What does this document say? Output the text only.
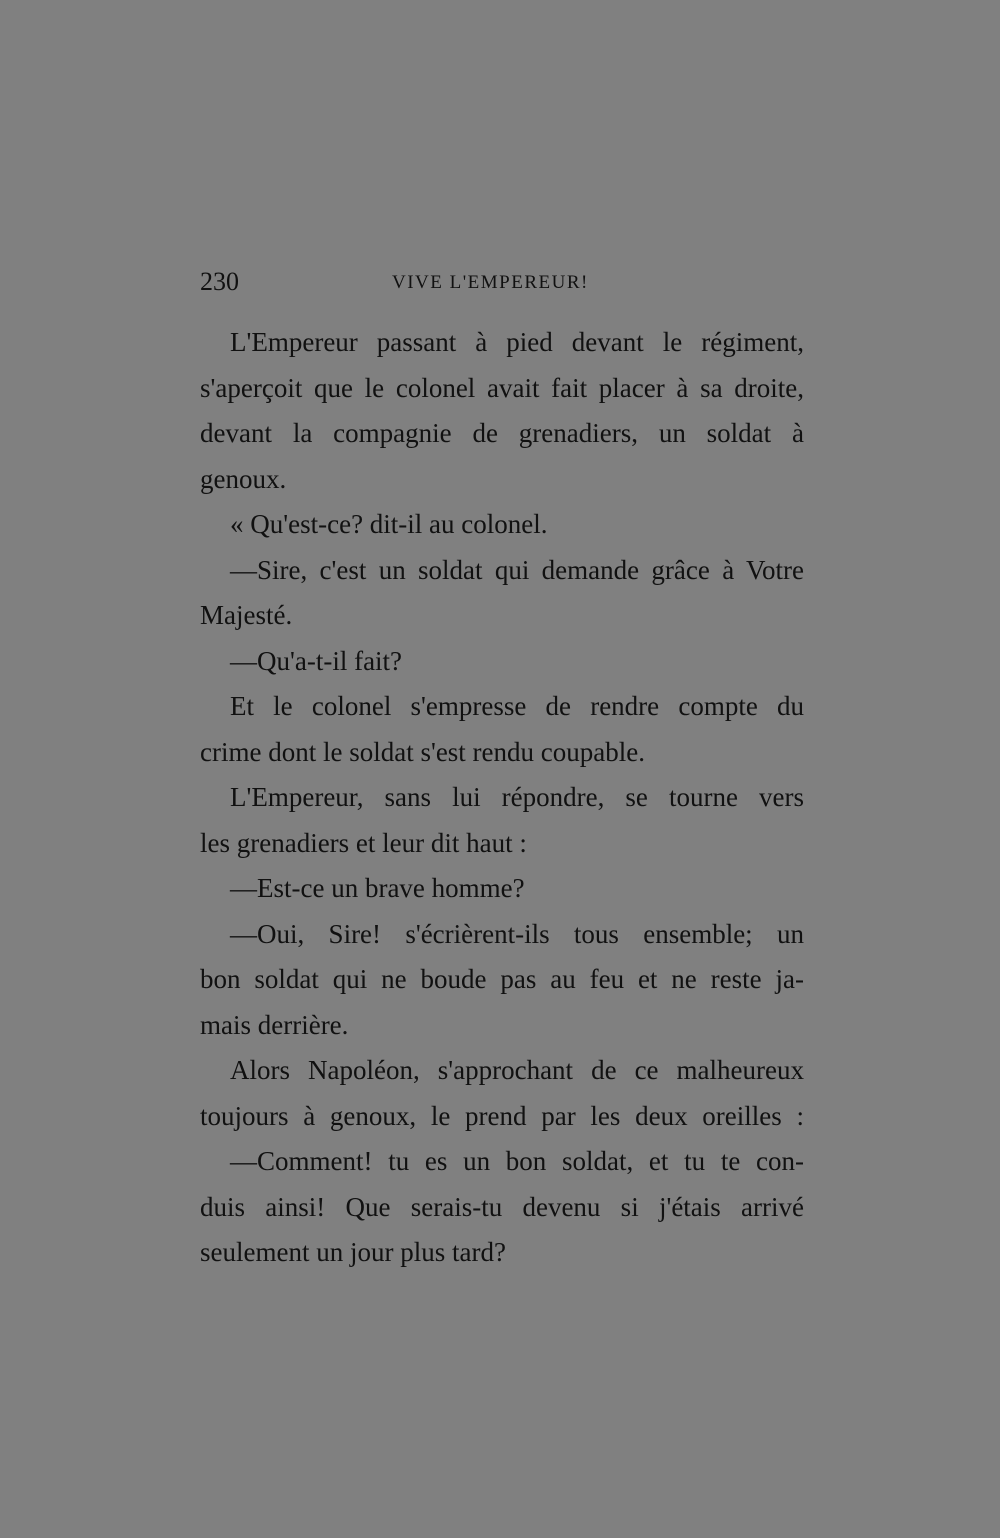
230	VIVE L'EMPEREUR!
L'Empereur passant à pied devant le régiment,
s'aperçoit que le colonel avait fait placer à sa droite,
devant la compagnie de grenadiers, un soldat à
genoux.
« Qu'est-ce? dit-il au colonel.
—Sire, c'est un soldat qui demande grâce à Votre
Majesté.
—Qu'a-t-il fait?
Et le colonel s'empresse de rendre compte du
crime dont le soldat s'est rendu coupable.
L'Empereur, sans lui répondre, se tourne vers
les grenadiers et leur dit haut :
—Est-ce un brave homme?
—Oui, Sire! s'écrièrent-ils tous ensemble; un
bon soldat qui ne boude pas au feu et ne reste ja-
mais derrière.
Alors Napoléon, s'approchant de ce malheureux
toujours à genoux, le prend par les deux oreilles :
—Comment! tu es un bon soldat, et tu te con-
duis ainsi! Que serais-tu devenu si j'étais arrivé
seulement un jour plus tard?
